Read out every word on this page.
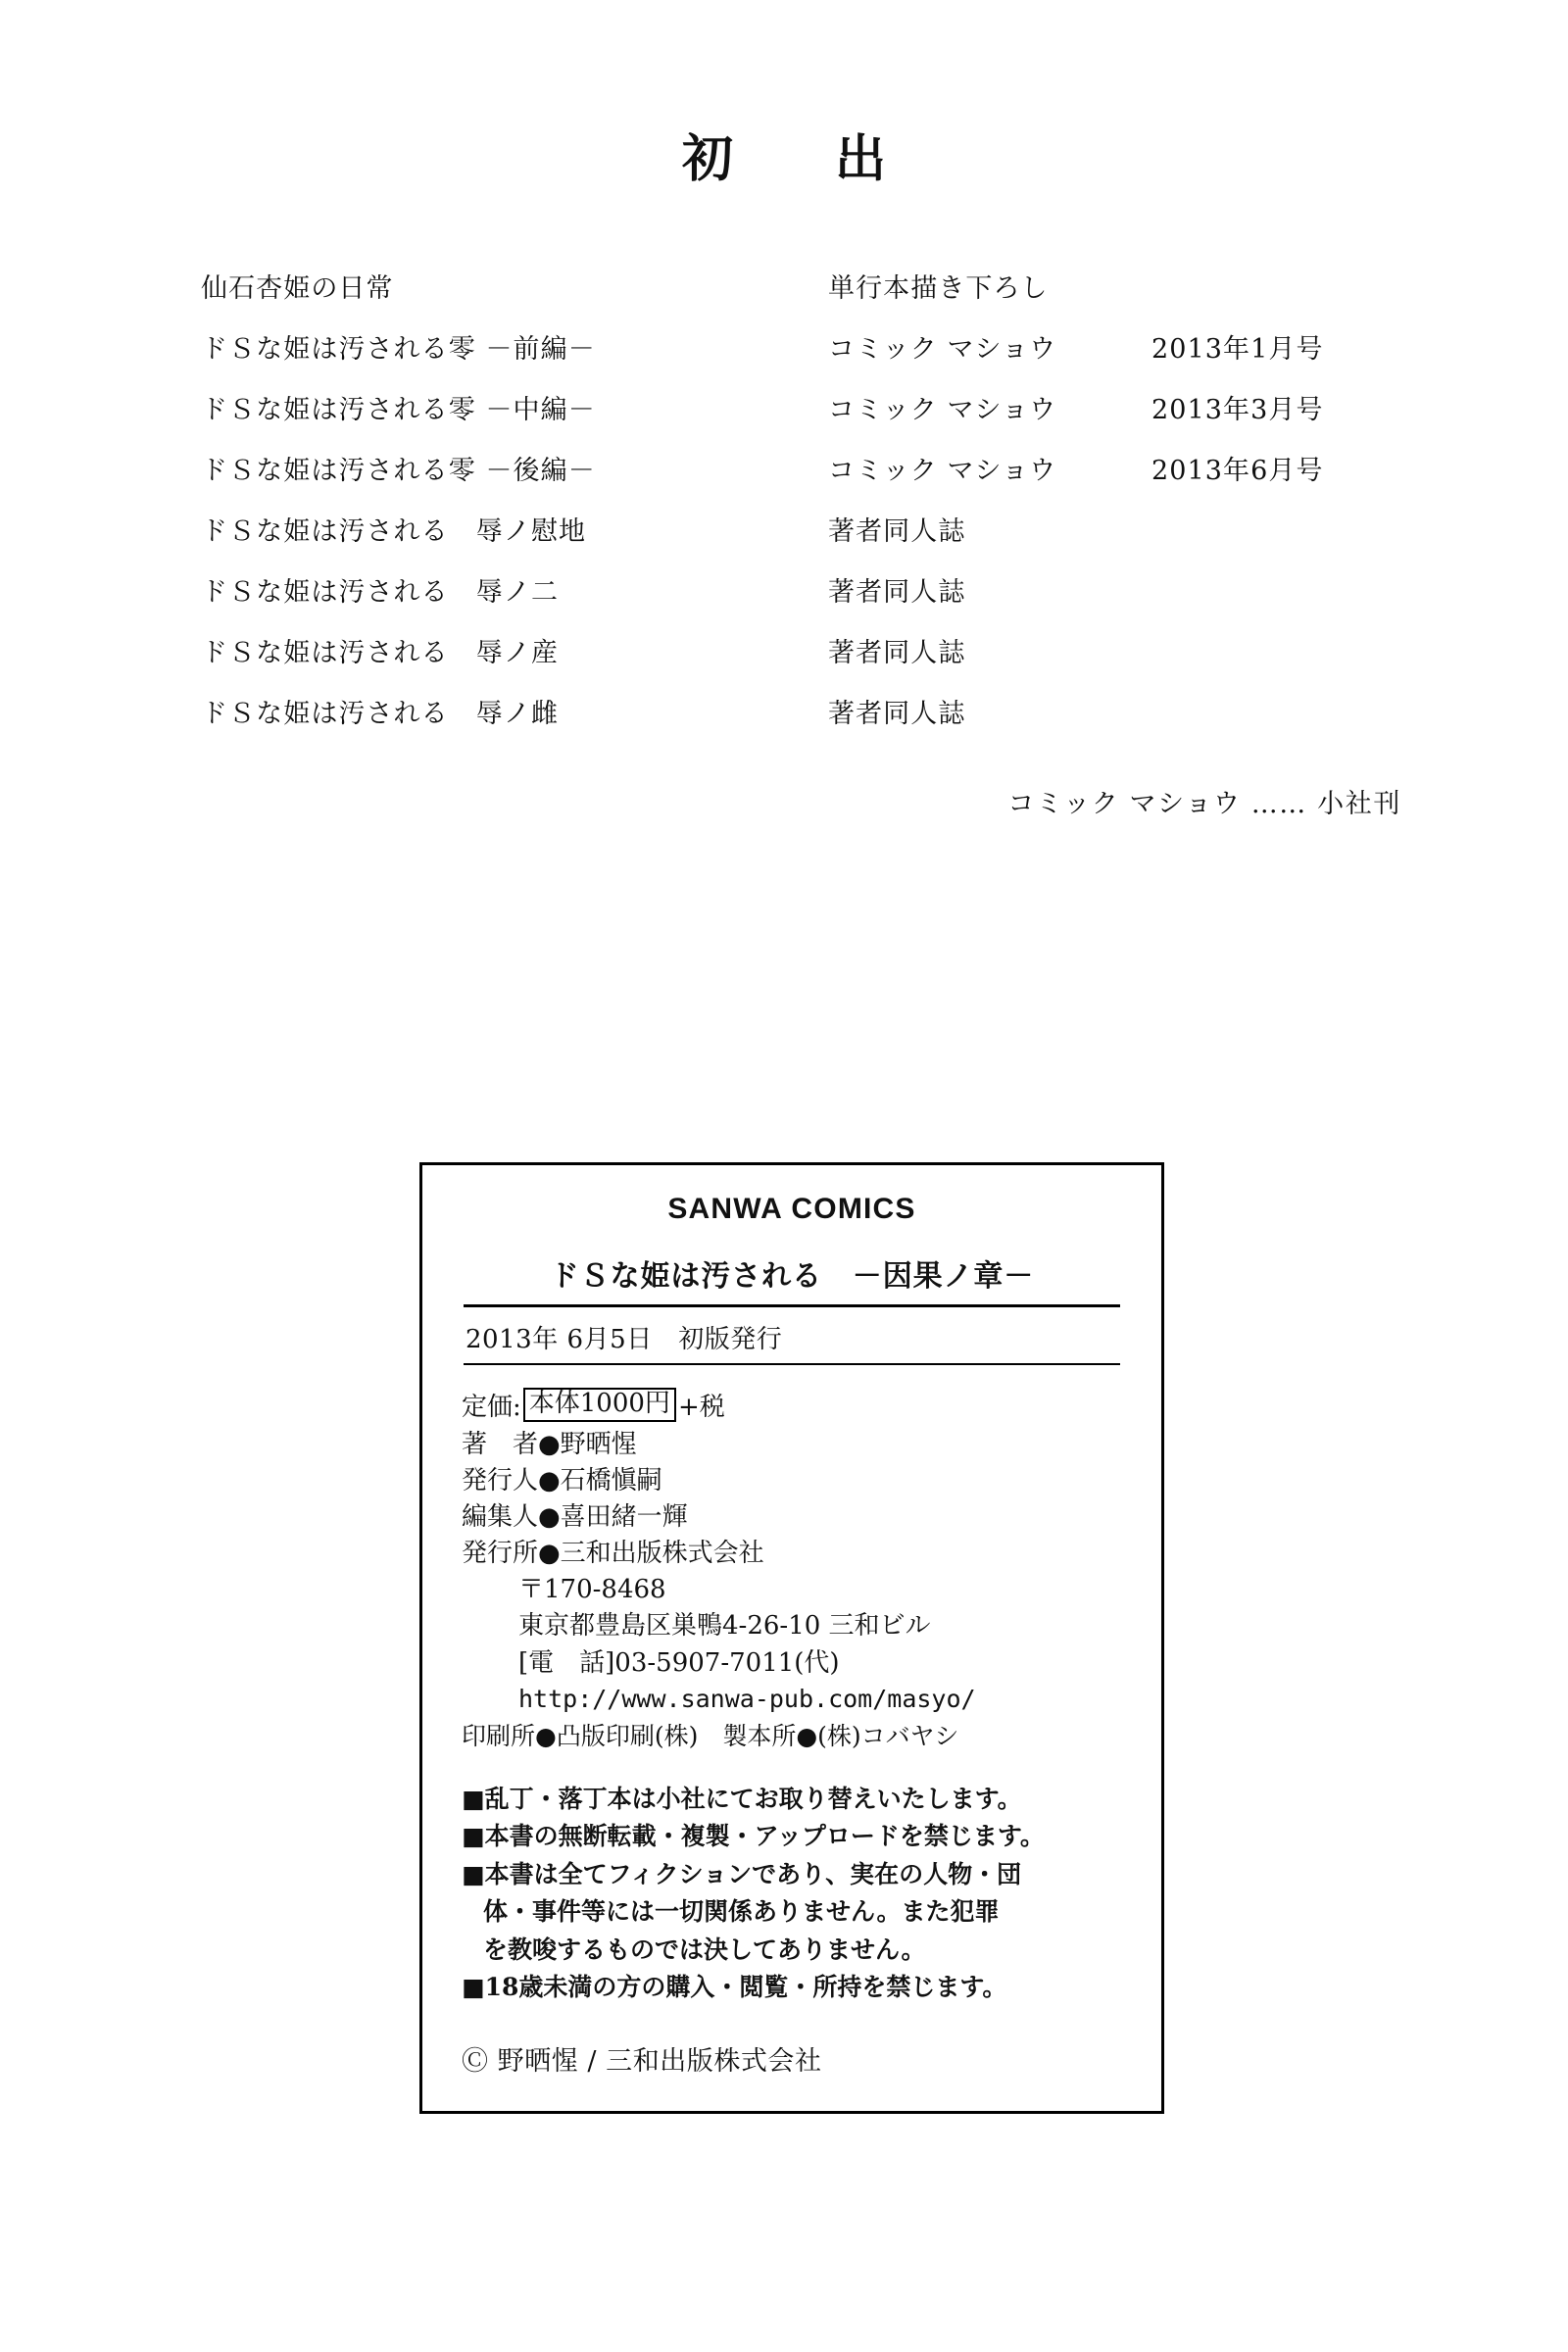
初　出
仙石杏姫の日常	単行本描き下ろし
ドＳな姫は汚される零 －前編－	コミック マショウ	2013年1月号
ドＳな姫は汚される零 －中編－	コミック マショウ	2013年3月号
ドＳな姫は汚される零 －後編－	コミック マショウ	2013年6月号
ドＳな姫は汚される　辱ノ慰地	著者同人誌
ドＳな姫は汚される　辱ノ二	著者同人誌
ドＳな姫は汚される　辱ノ産	著者同人誌
ドＳな姫は汚される　辱ノ雌	著者同人誌
コミック マショウ …… 小社刊
SANWA COMICS
ドＳな姫は汚される　－因果ノ章－
2013年 6月5日　初版発行
定価: 本体1000円 +税
著　者●野晒惺
発行人●石橋愼嗣
編集人●喜田緒一輝
発行所●三和出版株式会社
〒170-8468
東京都豊島区巣鴨4-26-10 三和ビル
[電　話]03-5907-7011(代)
http://www.sanwa-pub.com/masyo/
印刷所●凸版印刷(株)　製本所●(株)コバヤシ
■乱丁・落丁本は小社にてお取り替えいたします。
■本書の無断転載・複製・アップロードを禁じます。
■本書は全てフィクションであり、実在の人物・団
体・事件等には一切関係ありません。また犯罪
を教唆するものでは決してありません。
■18歳未満の方の購入・閲覧・所持を禁じます。
Ⓒ 野晒惺 / 三和出版株式会社
